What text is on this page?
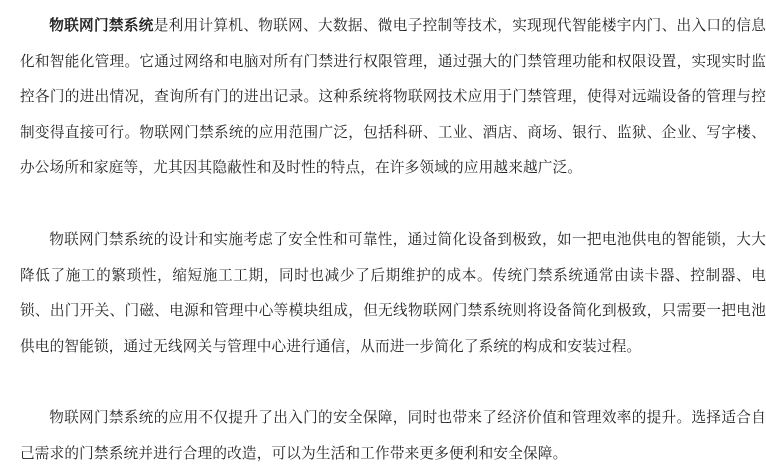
物联网门禁系统是利用计算机、物联网、大数据、微电子控制等技术，实现现代智能楼宇内门、出入口的信息化和智能化管理。它通过网络和电脑对所有门禁进行权限管理，通过强大的门禁管理功能和权限设置，实现实时监控各门的进出情况，查询所有门的进出记录。这种系统将物联网技术应用于门禁管理，使得对远端设备的管理与控制变得直接可行。物联网门禁系统的应用范围广泛，包括科研、工业、酒店、商场、银行、监狱、企业、写字楼、办公场所和家庭等，尤其因其隐蔽性和及时性的特点，在许多领域的应用越来越广泛。

物联网门禁系统的设计和实施考虑了安全性和可靠性，通过简化设备到极致，如一把电池供电的智能锁，大大降低了施工的繁琐性，缩短施工工期，同时也减少了后期维护的成本。传统门禁系统通常由读卡器、控制器、电锁、出门开关、门磁、电源和管理中心等模块组成，但无线物联网门禁系统则将设备简化到极致，只需要一把电池供电的智能锁，通过无线网关与管理中心进行通信，从而进一步简化了系统的构成和安装过程。

物联网门禁系统的应用不仅提升了出入门的安全保障，同时也带来了经济价值和管理效率的提升。选择适合自己需求的门禁系统并进行合理的改造，可以为生活和工作带来更多便利和安全保障。
